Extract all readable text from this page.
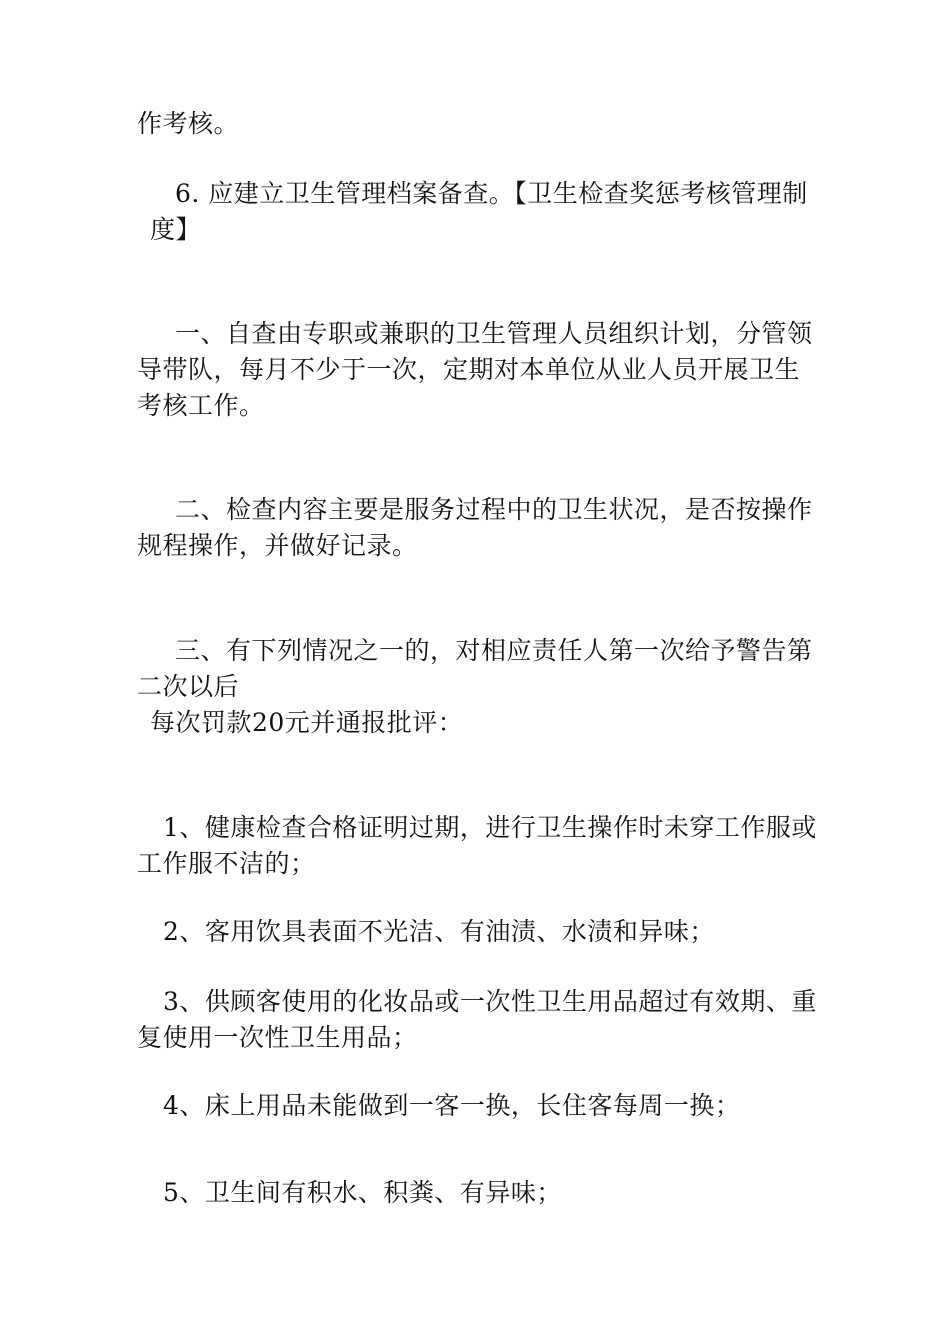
作考核。

6. 应建立卫生管理档案备查。【卫生检查奖惩考核管理制

度】

一、自查由专职或兼职的卫生管理人员组织计划，分管领导带队，每月不少于一次，定期对本单位从业人员开展卫生考核工作。

二、检查内容主要是服务过程中的卫生状况，是否按操作规程操作，并做好记录。

三、有下列情况之一的，对相应责任人第一次给予警告第二次以后

每次罚款20元并通报批评：

1、健康检查合格证明过期，进行卫生操作时未穿工作服或工作服不洁的；

2、客用饮具表面不光洁、有油渍、水渍和异味；

3、供顾客使用的化妆品或一次性卫生用品超过有效期、重复使用一次性卫生用品；

4、床上用品未能做到一客一换，长住客每周一换；

5、卫生间有积水、积粪、有异味；
